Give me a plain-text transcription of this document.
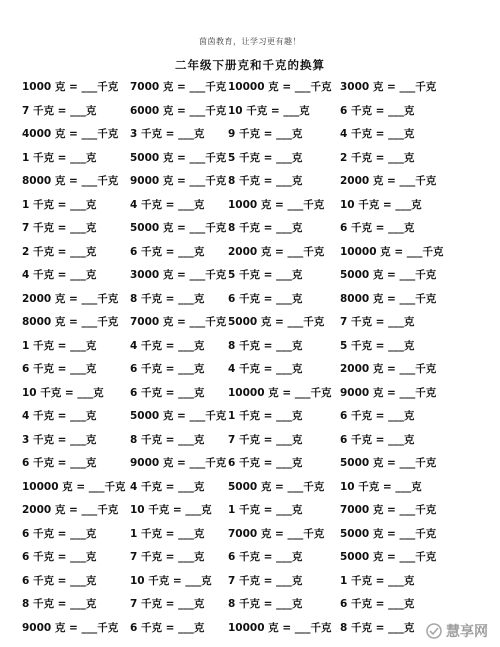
茵茵教育，让学习更有趣！
二年级下册克和千克的换算
1000 克 = ___千克 7000 克 = ___千克 10000 克 = ___千克 3000 克 = ___千克
7 千克 = ___克	6000 克 = ___千克 10 千克 = ___克	6 千克 = ___克
4000 克 = ___千克 3 千克 = ___克 9 千克 = ___克	4 千克 = ___克
1 千克 = ___克	5000 克 = ___千克 5 千克 = ___克	2 千克 = ___克
8000 克 = ___千克 9000 克 = ___千克 8 千克 = ___克	2000 克 = ___千克
1 千克 = ___克	4 千克 = ___克 1000 克 = ___千克 10 千克 = ___克
7 千克 = ___克	5000 克 = ___千克 8 千克 = ___克	6 千克 = ___克
2 千克 = ___克	6 千克 = ___克 2000 克 = ___千克 10000 克 = ___千克
4 千克 = ___克	3000 克 = ___千克 5 千克 = ___克	5000 克 = ___千克
2000 克 = ___千克 8 千克 = ___克 6 千克 = ___克	8000 克 = ___千克
8000 克 = ___千克 7000 克 = ___千克 5000 克 = ___千克 7 千克 = ___克
1 千克 = ___克	4 千克 = ___克 8 千克 = ___克	5 千克 = ___克
6 千克 = ___克	6 千克 = ___克 4 千克 = ___克	2000 克 = ___千克
10 千克 = ___克	6 千克 = ___克 10000 克 = ___千克 9000 克 = ___千克
4 千克 = ___克	5000 克 = ___千克 1 千克 = ___克	6 千克 = ___克
3 千克 = ___克	8 千克 = ___克 7 千克 = ___克	6 千克 = ___克
6 千克 = ___克	9000 克 = ___千克 6 千克 = ___克	5000 克 = ___千克
10000 克 = ___千克 4 千克 = ___克 5000 克 = ___千克 10 千克 = ___克
2000 克 = ___千克 10 千克 = ___克 1 千克 = ___克	7000 克 = ___千克
6 千克 = ___克	1 千克 = ___克 7000 克 = ___千克 5000 克 = ___千克
6 千克 = ___克	7 千克 = ___克 6 千克 = ___克	5000 克 = ___千克
6 千克 = ___克	10 千克 = ___克 7 千克 = ___克	1 千克 = ___克
8 千克 = ___克	7 千克 = ___克 8 千克 = ___克	6 千克 = ___克
9000 克 = ___千克 6 千克 = ___克 10000 克 = ___千克 8 千克 = ___克 慧享网
